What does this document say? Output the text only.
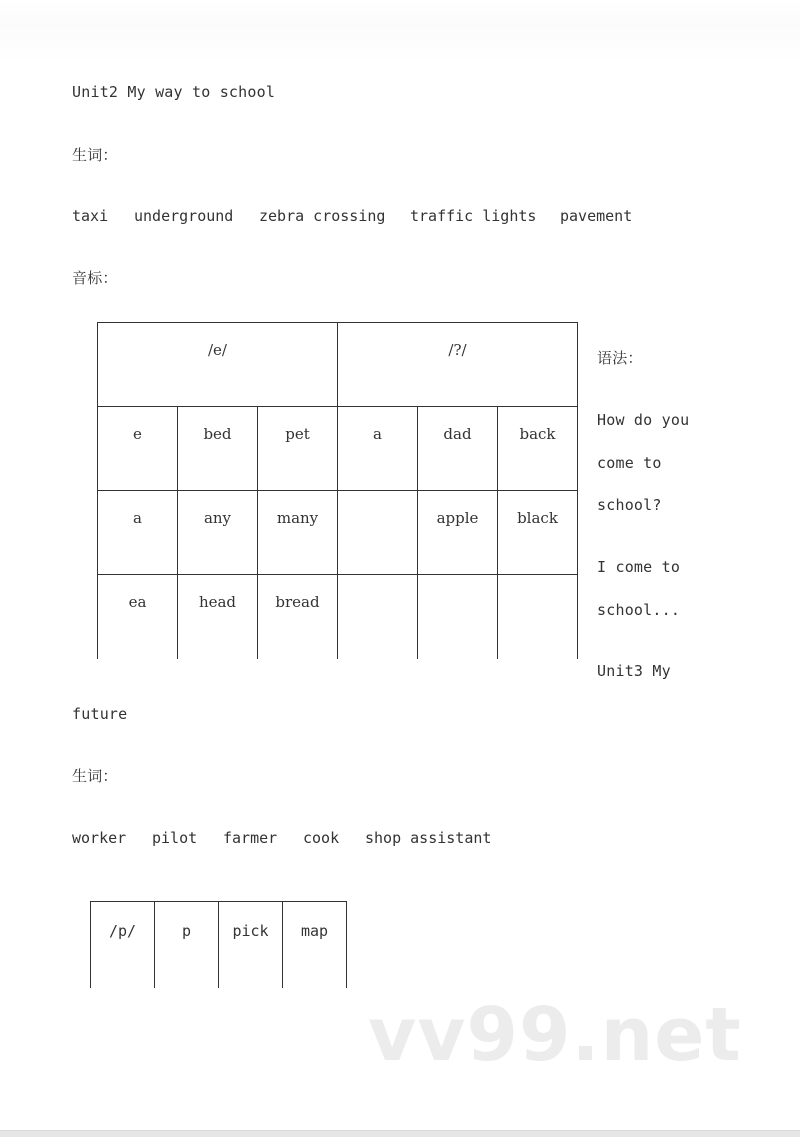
Unit2 My way to school
生词：
taxi underground zebra crossing traffic lights pavement
音标：
/e/			/?/		
e	bed	pet	a	dad	back
a	any	many		apple	black
ea	head	bread			
语法：
How do you
come to
school?
I come to
school...
Unit3 My
future
生词：
worker pilot farmer cook shop assistant
/p/	p	pick	map
vv99.net
